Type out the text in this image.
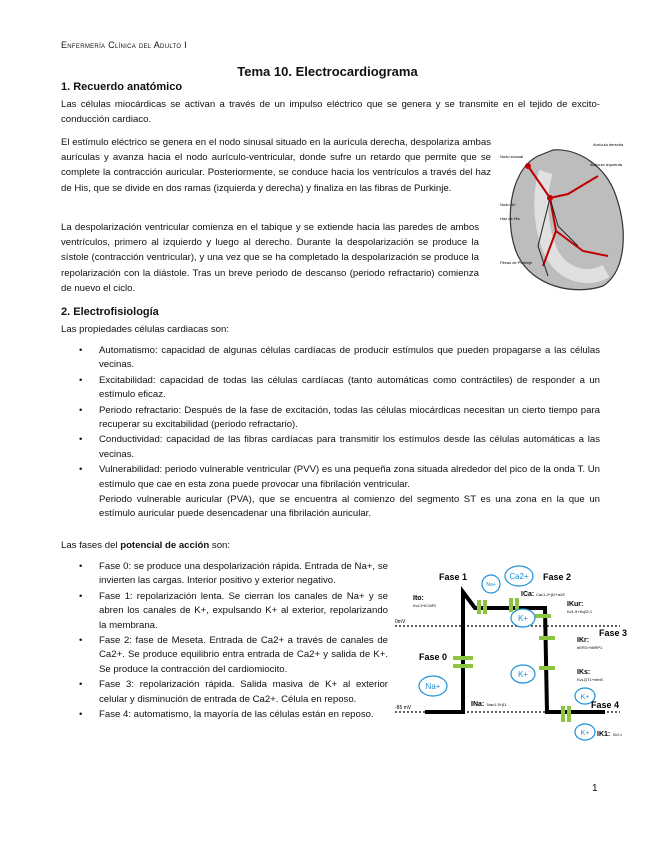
Enfermería Clínica del Adulto I
Tema 10. Electrocardiograma
1. Recuerdo anatómico
Las células miocárdicas se activan a través de un impulso eléctrico que se genera y se transmite en el tejido de excito-conducción cardiaco.
El estímulo eléctrico se genera en el nodo sinusal situado en la aurícula derecha, despolariza ambas aurículas y avanza hacia el nodo aurículo-ventricular, donde sufre un retardo que permite que se complete la contracción auricular. Posteriormente, se conduce hacia los ventrículos a través del haz de His, que se divide en dos ramas (izquierda y derecha) y finaliza en las fibras de Purkinje.
La despolarización ventricular comienza en el tabique y se extiende hacia las paredes de ambos ventrículos, primero al izquierdo y luego al derecho. Durante la despolarización se produce la sístole (contracción ventricular), y una vez que se ha completado la despolarización se produce la repolarización con la diástole. Tras un breve periodo de descanso (periodo refractario) comienza de nuevo el ciclo.
Nodo sinusal
Aurícula derecha
Aurícula izquierda
Nodo AV
Haz de His
Fibras de Purkinje
2. Electrofisiología
Las propiedades células cardiacas son:
• Automatismo: capacidad de algunas células cardíacas de producir estímulos que pueden propagarse a las células vecinas.
• Excitabilidad: capacidad de todas las células cardíacas (tanto automáticas como contráctiles) de responder a un estímulo eficaz.
• Periodo refractario: Después de la fase de excitación, todas las células miocárdicas necesitan un cierto tiempo para recuperar su excitabilidad (periodo refractario).
• Conductividad: capacidad de las fibras cardíacas para transmitir los estímulos desde las células automáticas a las vecinas.
• Vulnerabilidad: periodo vulnerable ventricular (PVV) es una pequeña zona situada alrededor del pico de la onda T. Un estímulo que cae en esta zona puede provocar una fibrilación ventricular.
Periodo vulnerable auricular (PVA), que se encuentra al comienzo del segmento ST es una zona en la que un estímulo auricular puede desencadenar una fibrilación auricular.
Las fases del potencial de acción son:
• Fase 0: se produce una despolarización rápida. Entrada de Na+, se invierten las cargas. Interior positivo y exterior negativo.
• Fase 1: repolarización lenta. Se cierran los canales de Na+ y se abren los canales de K+, expulsando K+ al exterior, repolarizando la membrana.
• Fase 2: fase de Meseta. Entrada de Ca2+ a través de canales de Ca2+. Se produce equilibrio entra entrada de Ca2+ y salida de K+. Se produce la contracción del cardiomiocito.
• Fase 3: repolarización rápida. Salida masiva de K+ al exterior celular y disminución de entrada de Ca2+. Célula en reposo.
• Fase 4: automatismo, la mayoría de las células están en reposo.
0mV
-85 mV
Na+
Na+
Ca2+
K+
K+
K+
K+
Fase 1	Fase 2
Fase 3
Fase 0
Fase 4
Ito:
Kv4.3+KChIP2
ICa: Cav1.2+β2+α2δ
IKur:
Kv1.5+Kvβ2.1
IKr:
hERG+MiRP1
IKs:
KvLQT1+minK
INa: Nav1.5+β1
IK1: Kir2.x
1
